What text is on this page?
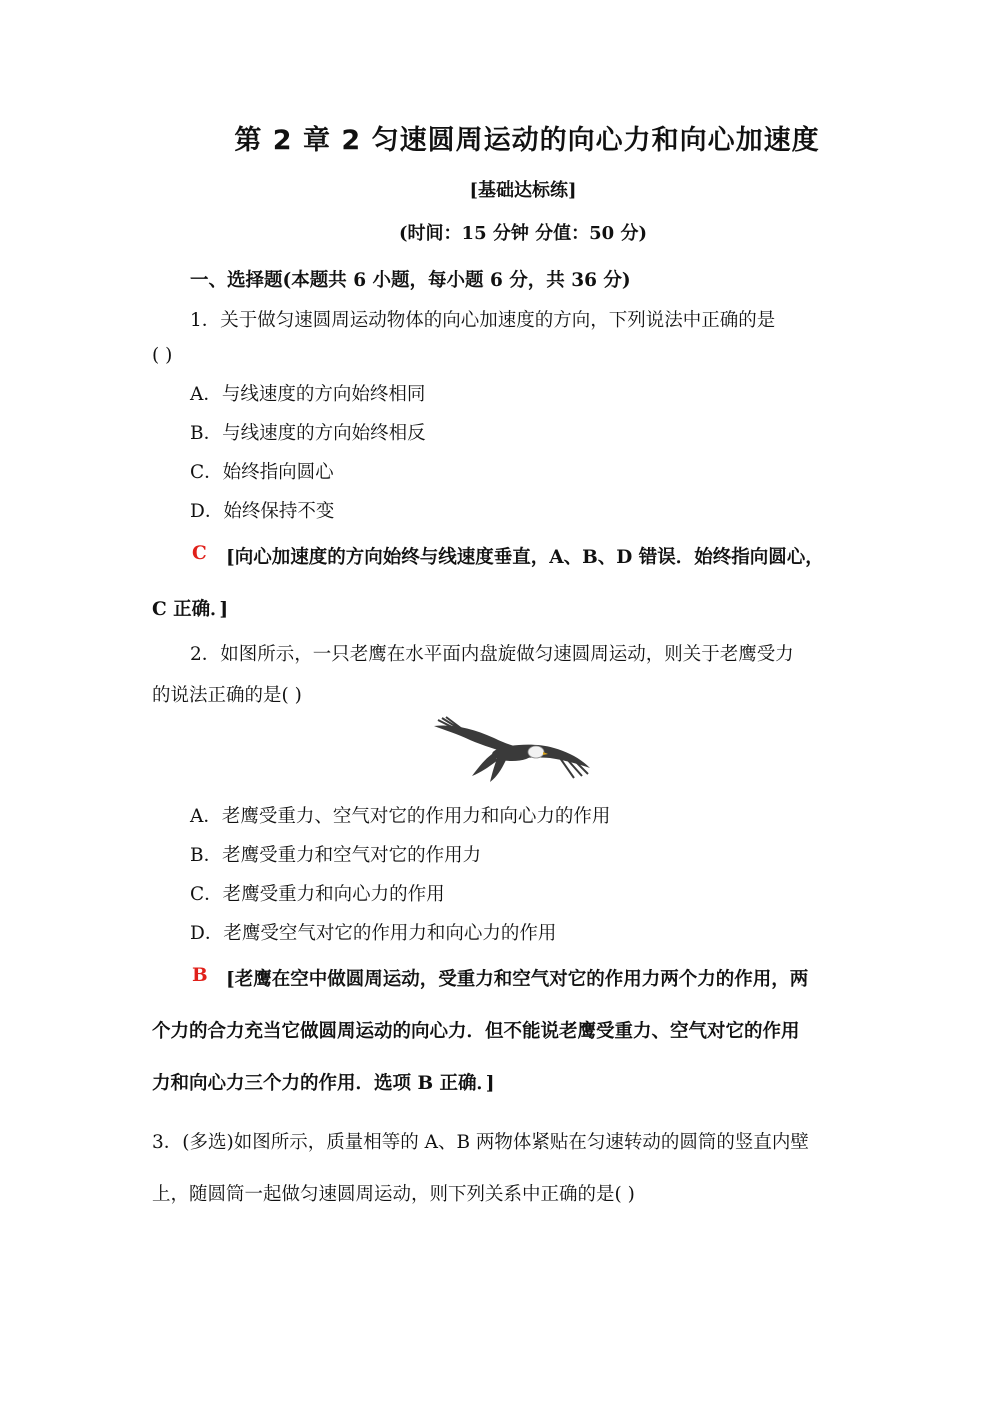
第 2 章 2 匀速圆周运动的向心力和向心加速度
[基础达标练]
(时间：15 分钟 分值：50 分)
一、选择题(本题共 6 小题，每小题 6 分，共 36 分)
1．关于做匀速圆周运动物体的向心加速度的方向，下列说法中正确的是
( )
A．与线速度的方向始终相同
B．与线速度的方向始终相反
C．始终指向圆心
D．始终保持不变
C [向心加速度的方向始终与线速度垂直，A、B、D 错误．始终指向圆心，
C 正确．]
2．如图所示，一只老鹰在水平面内盘旋做匀速圆周运动，则关于老鹰受力
的说法正确的是( )
A．老鹰受重力、空气对它的作用力和向心力的作用
B．老鹰受重力和空气对它的作用力
C．老鹰受重力和向心力的作用
D．老鹰受空气对它的作用力和向心力的作用
B [老鹰在空中做圆周运动，受重力和空气对它的作用力两个力的作用，两
个力的合力充当它做圆周运动的向心力．但不能说老鹰受重力、空气对它的作用
力和向心力三个力的作用．选项 B 正确．]
3．(多选)如图所示，质量相等的 A、B 两物体紧贴在匀速转动的圆筒的竖直内壁
上，随圆筒一起做匀速圆周运动，则下列关系中正确的是( )
